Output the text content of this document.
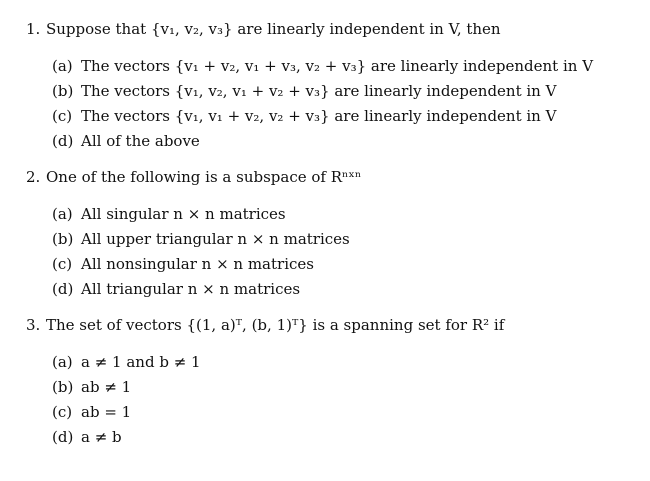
1. Suppose that {v₁, v₂, v₃} are linearly independent in V, then
(a) The vectors {v₁ + v₂, v₁ + v₃, v₂ + v₃} are linearly independent in V
(b) The vectors {v₁, v₂, v₁ + v₂ + v₃} are linearly independent in V
(c) The vectors {v₁, v₁ + v₂, v₂ + v₃} are linearly independent in V
(d) All of the above
2. One of the following is a subspace of Rⁿˣⁿ
(a) All singular n × n matrices
(b) All upper triangular n × n matrices
(c) All nonsingular n × n matrices
(d) All triangular n × n matrices
3. The set of vectors {(1, a)ᵀ, (b, 1)ᵀ} is a spanning set for R² if
(a) a ≠ 1 and b ≠ 1
(b) ab ≠ 1
(c) ab = 1
(d) a ≠ b
